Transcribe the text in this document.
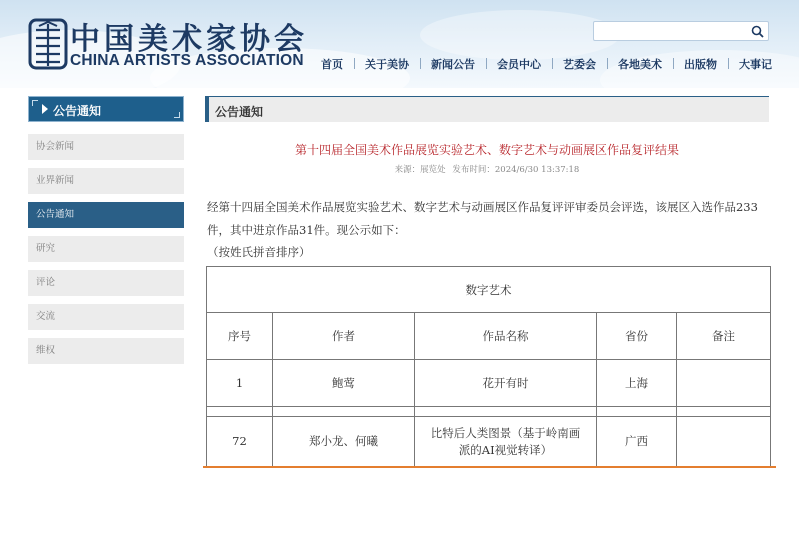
中国美术家协会
CHINA ARTISTS ASSOCIATION	首页	关于美协	新闻公告	会员中心	艺委会	各地美术	出版物	大事记
公告通知
协会新闻
业界新闻
公告通知
研究
评论
交流
维权
公告通知
第十四届全国美术作品展览实验艺术、数字艺术与动画展区作品复评结果
来源：展览处 发布时间：2024/6/30 13:37:18

经第十四届全国美术作品展览实验艺术、数字艺术与动画展区作品复评评审委员会评选，该展区入选作品233件，其中进京作品31件。现公示如下：

（按姓氏拼音排序）

数字艺术				
序号	作者	作品名称	省份	备注
1	鲍莺	花开有时	上海	

72	郑小龙、何曦	比特后人类图景（基于岭南画派的AI视觉转译）	广西	
